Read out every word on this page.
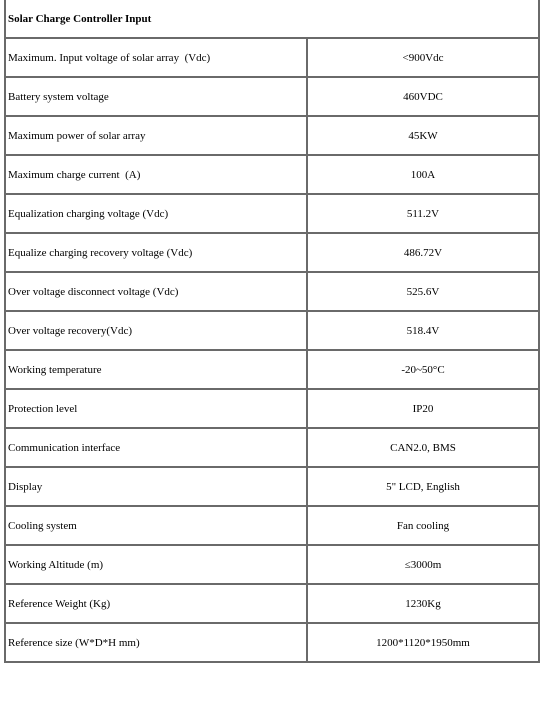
Solar Charge Controller Input	
Maximum. Input voltage of solar array  (Vdc)	<900Vdc
Battery system voltage	460VDC
Maximum power of solar array	45KW
Maximum charge current  (A)	100A
Equalization charging voltage (Vdc)	511.2V
Equalize charging recovery voltage (Vdc)	486.72V
Over voltage disconnect voltage (Vdc)	525.6V
Over voltage recovery(Vdc)	518.4V
Working temperature	-20~50°C
Protection level	IP20
Communication interface	CAN2.0, BMS
Display	5" LCD, English
Cooling system	Fan cooling
Working Altitude (m)	≤3000m
Reference Weight (Kg)	1230Kg
Reference size (W*D*H mm)	1200*1120*1950mm
